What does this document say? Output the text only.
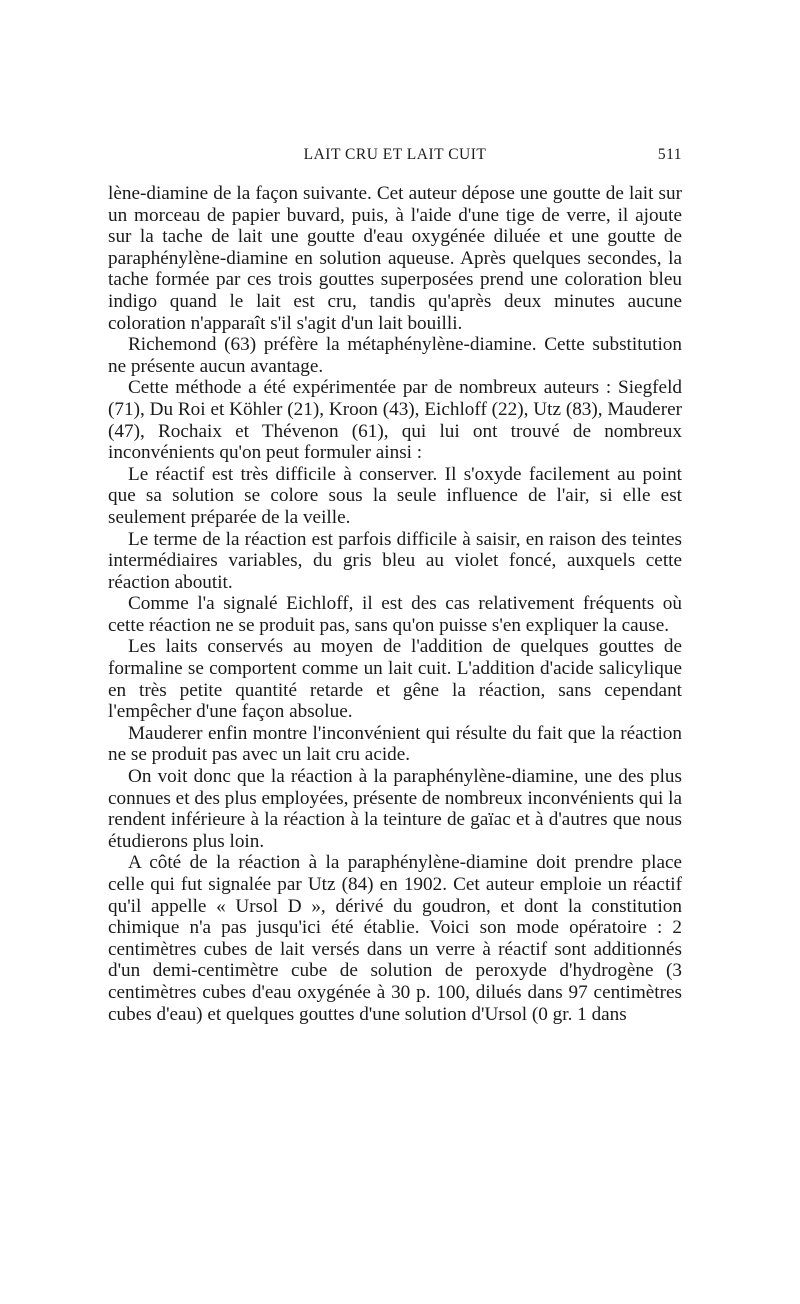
LAIT CRU ET LAIT CUIT	511

lène-diamine de la façon suivante. Cet auteur dépose une goutte de lait sur un morceau de papier buvard, puis, à l'aide d'une tige de verre, il ajoute sur la tache de lait une goutte d'eau oxygénée diluée et une goutte de paraphénylène-diamine en solution aqueuse. Après quelques secondes, la tache formée par ces trois gouttes superposées prend une coloration bleu indigo quand le lait est cru, tandis qu'après deux minutes aucune coloration n'apparaît s'il s'agit d'un lait bouilli.

Richemond (63) préfère la métaphénylène-diamine. Cette substitution ne présente aucun avantage.

Cette méthode a été expérimentée par de nombreux auteurs : Siegfeld (71), Du Roi et Köhler (21), Kroon (43), Eichloff (22), Utz (83), Mauderer (47), Rochaix et Thévenon (61), qui lui ont trouvé de nombreux inconvénients qu'on peut formuler ainsi :

Le réactif est très difficile à conserver. Il s'oxyde facilement au point que sa solution se colore sous la seule influence de l'air, si elle est seulement préparée de la veille.

Le terme de la réaction est parfois difficile à saisir, en raison des teintes intermédiaires variables, du gris bleu au violet foncé, auxquels cette réaction aboutit.

Comme l'a signalé Eichloff, il est des cas relativement fréquents où cette réaction ne se produit pas, sans qu'on puisse s'en expliquer la cause.

Les laits conservés au moyen de l'addition de quelques gouttes de formaline se comportent comme un lait cuit. L'addition d'acide salicylique en très petite quantité retarde et gêne la réaction, sans cependant l'empêcher d'une façon absolue.

Mauderer enfin montre l'inconvénient qui résulte du fait que la réaction ne se produit pas avec un lait cru acide.

On voit donc que la réaction à la paraphénylène-diamine, une des plus connues et des plus employées, présente de nombreux inconvénients qui la rendent inférieure à la réaction à la teinture de gaïac et à d'autres que nous étudierons plus loin.

A côté de la réaction à la paraphénylène-diamine doit prendre place celle qui fut signalée par Utz (84) en 1902. Cet auteur emploie un réactif qu'il appelle « Ursol D », dérivé du goudron, et dont la constitution chimique n'a pas jusqu'ici été établie. Voici son mode opératoire : 2 centimètres cubes de lait versés dans un verre à réactif sont additionnés d'un demi-centimètre cube de solution de peroxyde d'hydrogène (3 centimètres cubes d'eau oxygénée à 30 p. 100, dilués dans 97 centimètres cubes d'eau) et quelques gouttes d'une solution d'Ursol (0 gr. 1 dans
